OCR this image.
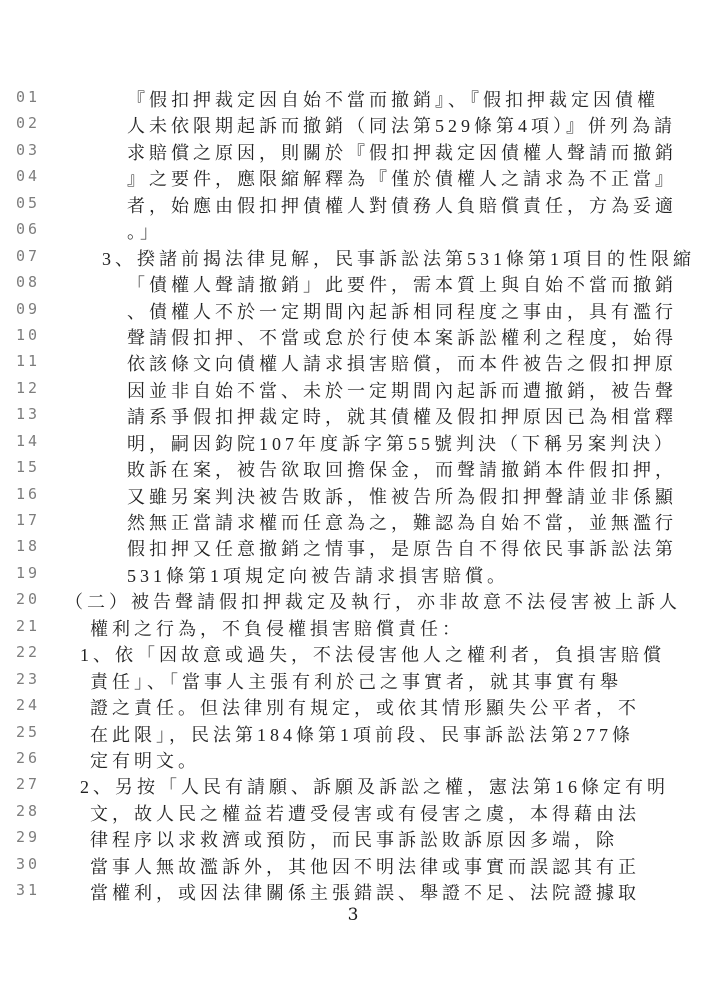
01	『假扣押裁定因自始不當而撤銷』、『假扣押裁定因債權
02	人未依限期起訴而撤銷（同法第529條第4項）』併列為請
03	求賠償之原因，則關於『假扣押裁定因債權人聲請而撤銷
04	』之要件，應限縮解釋為『僅於債權人之請求為不正當』
05	者，始應由假扣押債權人對債務人負賠償責任，方為妥適
06	。」
07	3、揆諸前揭法律見解，民事訴訟法第531條第1項目的性限縮
08	「債權人聲請撤銷」此要件，需本質上與自始不當而撤銷
09	、債權人不於一定期間內起訴相同程度之事由，具有濫行
10	聲請假扣押、不當或怠於行使本案訴訟權利之程度，始得
11	依該條文向債權人請求損害賠償，而本件被告之假扣押原
12	因並非自始不當、未於一定期間內起訴而遭撤銷，被告聲
13	請系爭假扣押裁定時，就其債權及假扣押原因已為相當釋
14	明，嗣因鈞院107年度訴字第55號判決（下稱另案判決）
15	敗訴在案，被告欲取回擔保金，而聲請撤銷本件假扣押，
16	又雖另案判決被告敗訴，惟被告所為假扣押聲請並非係顯
17	然無正當請求權而任意為之，難認為自始不當，並無濫行
18	假扣押又任意撤銷之情事，是原告自不得依民事訴訟法第
19	531條第1項規定向被告請求損害賠償。
20 （二）被告聲請假扣押裁定及執行，亦非故意不法侵害被上訴人
21	權利之行為，不負侵權損害賠償責任：
22 1、依「因故意或過失，不法侵害他人之權利者，負損害賠償
23	責任」、「當事人主張有利於己之事實者，就其事實有舉
24	證之責任。但法律別有規定，或依其情形顯失公平者，不
25	在此限」，民法第184條第1項前段、民事訴訟法第277條
26	定有明文。
27 2、另按「人民有請願、訴願及訴訟之權，憲法第16條定有明
28	文，故人民之權益若遭受侵害或有侵害之虞，本得藉由法
29	律程序以求救濟或預防，而民事訴訟敗訴原因多端，除
30	當事人無故濫訴外，其他因不明法律或事實而誤認其有正
31	當權利，或因法律關係主張錯誤、舉證不足、法院證據取
3
